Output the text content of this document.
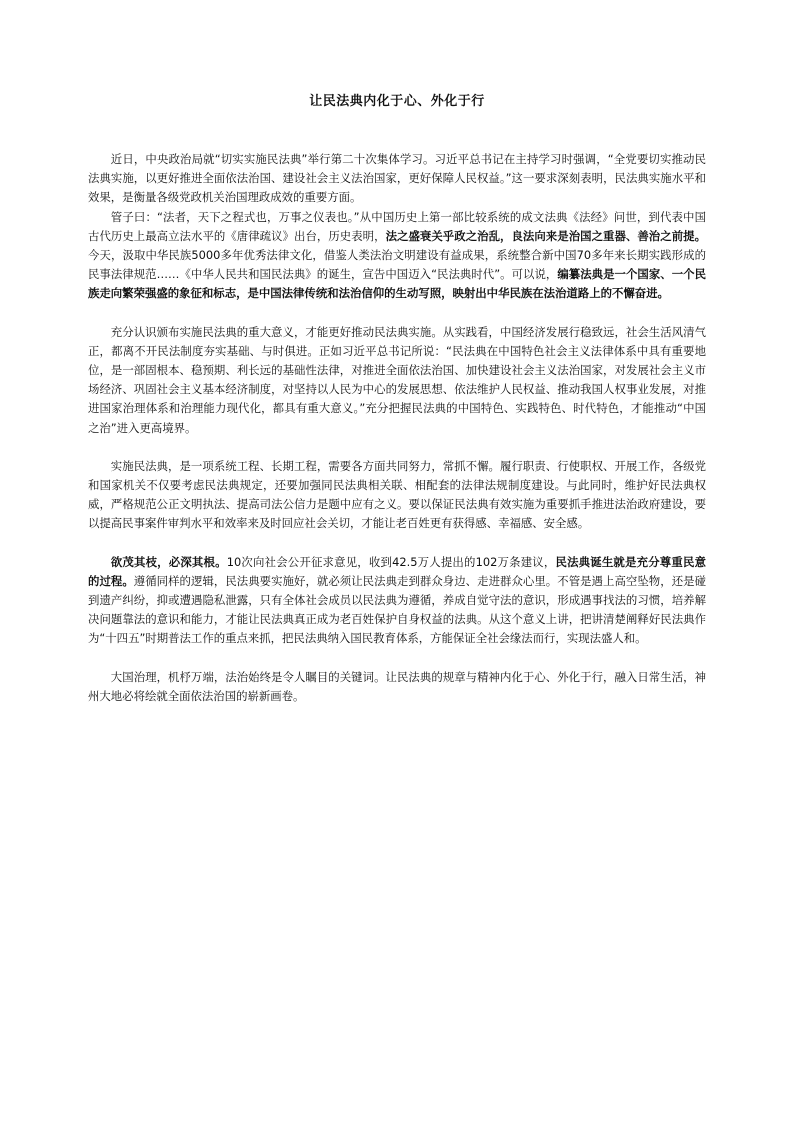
让民法典内化于心、外化于行

近日，中央政治局就“切实实施民法典”举行第二十次集体学习。习近平总书记在主持学习时强调，“全党要切实推动民法典实施，以更好推进全面依法治国、建设社会主义法治国家，更好保障人民权益。”这一要求深刻表明，民法典实施水平和效果，是衡量各级党政机关治国理政成效的重要方面。

管子曰：“法者，天下之程式也，万事之仪表也。”从中国历史上第一部比较系统的成文法典《法经》问世，到代表中国古代历史上最高立法水平的《唐律疏议》出台，历史表明，法之盛衰关乎政之治乱，良法向来是治国之重器、善治之前提。今天，汲取中华民族5000多年优秀法律文化，借鉴人类法治文明建设有益成果，系统整合新中国70多年来长期实践形成的民事法律规范……《中华人民共和国民法典》的诞生，宣告中国迈入“民法典时代”。可以说，编纂法典是一个国家、一个民族走向繁荣强盛的象征和标志，是中国法律传统和法治信仰的生动写照，映射出中华民族在法治道路上的不懈奋进。

充分认识颁布实施民法典的重大意义，才能更好推动民法典实施。从实践看，中国经济发展行稳致远，社会生活风清气正，都离不开民法制度夯实基础、与时俱进。正如习近平总书记所说：“民法典在中国特色社会主义法律体系中具有重要地位，是一部固根本、稳预期、利长远的基础性法律，对推进全面依法治国、加快建设社会主义法治国家，对发展社会主义市场经济、巩固社会主义基本经济制度，对坚持以人民为中心的发展思想、依法维护人民权益、推动我国人权事业发展，对推进国家治理体系和治理能力现代化，都具有重大意义。”充分把握民法典的中国特色、实践特色、时代特色，才能推动“中国之治”进入更高境界。

实施民法典，是一项系统工程、长期工程，需要各方面共同努力，常抓不懈。履行职责、行使职权、开展工作，各级党和国家机关不仅要考虑民法典规定，还要加强同民法典相关联、相配套的法律法规制度建设。与此同时，维护好民法典权威，严格规范公正文明执法、提高司法公信力是题中应有之义。要以保证民法典有效实施为重要抓手推进法治政府建设，要以提高民事案件审判水平和效率来及时回应社会关切，才能让老百姓更有获得感、幸福感、安全感。

欲茂其枝，必深其根。10次向社会公开征求意见，收到42.5万人提出的102万条建议，民法典诞生就是充分尊重民意的过程。遵循同样的逻辑，民法典要实施好，就必须让民法典走到群众身边、走进群众心里。不管是遇上高空坠物，还是碰到遗产纠纷，抑或遭遇隐私泄露，只有全体社会成员以民法典为遵循，养成自觉守法的意识，形成遇事找法的习惯，培养解决问题靠法的意识和能力，才能让民法典真正成为老百姓保护自身权益的法典。从这个意义上讲，把讲清楚阐释好民法典作为“十四五”时期普法工作的重点来抓，把民法典纳入国民教育体系，方能保证全社会缘法而行，实现法盛人和。

大国治理，机杼万端，法治始终是令人瞩目的关键词。让民法典的规章与精神内化于心、外化于行，融入日常生活，神州大地必将绘就全面依法治国的崭新画卷。
